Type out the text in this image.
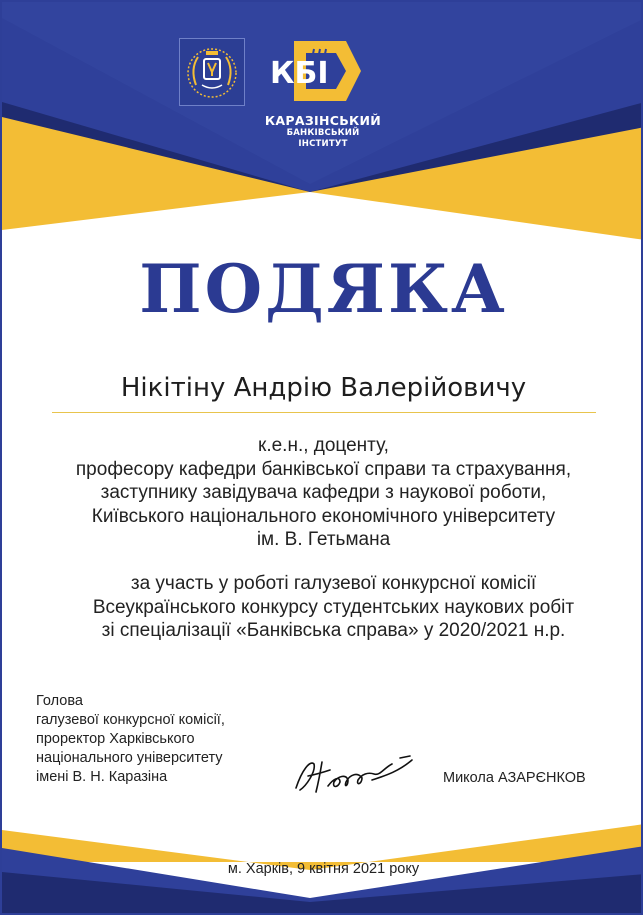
КБІ
КАРАЗІНСЬКИЙ
БАНКІВСЬКИЙ
ІНСТИТУТ
ПОДЯКА
Нікітіну Андрію Валерійовичу
к.е.н., доценту,
професору кафедри банківської справи та страхування,
заступнику завідувача кафедри з наукової роботи,
Київського національного економічного університету
ім. В. Гетьмана
за участь у роботі галузевої конкурсної комісії
Всеукраїнського конкурсу студентських наукових робіт
зі спеціалізації «Банківська справа» у 2020/2021 н.р.
Голова
галузевої конкурсної комісії,
проректор Харківського
національного університету
імені В. Н. Каразіна	Микола АЗАРЄНКОВ
м. Харків, 9 квітня 2021 року
